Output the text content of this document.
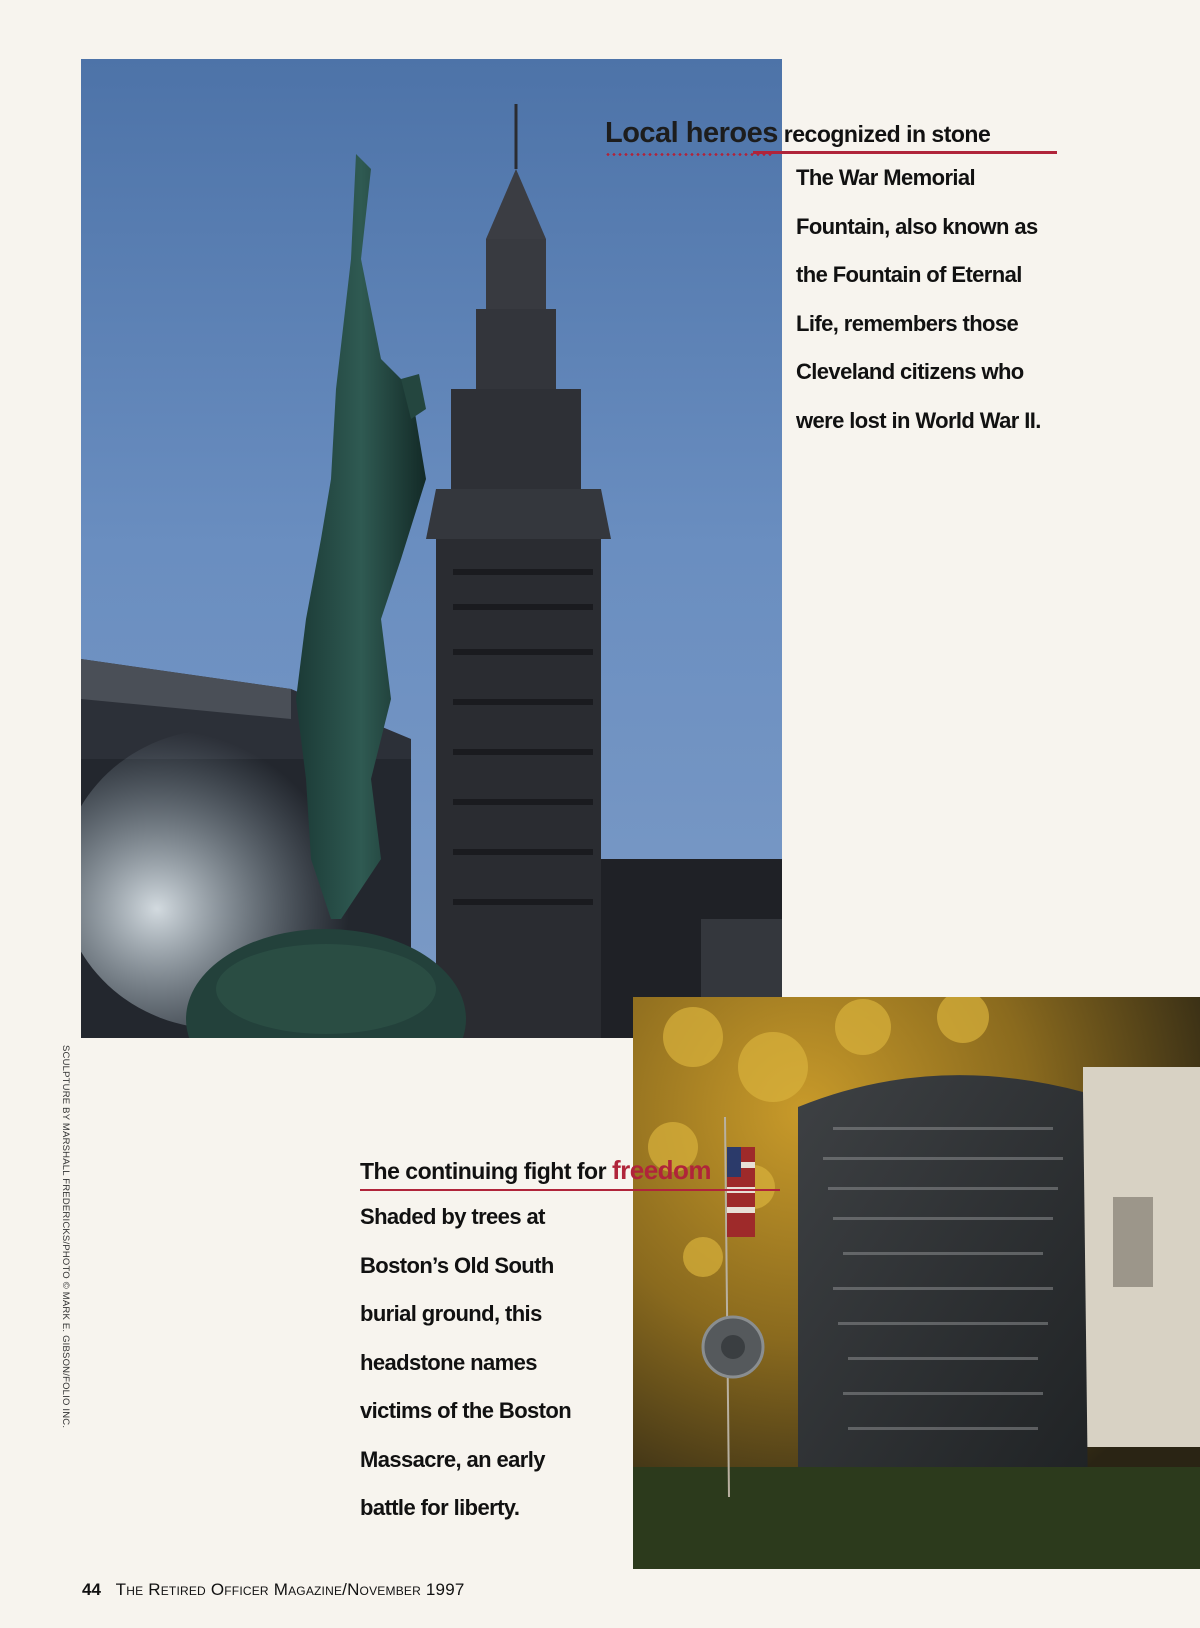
Local heroes recognized in stone
The War Memorial
Fountain, also known as
the Fountain of Eternal
Life, remembers those
Cleveland citizens who
were lost in World War II.
The continuing fight for freedom
Shaded by trees at
Boston’s Old South
burial ground, this
headstone names
victims of the Boston
Massacre, an early
battle for liberty.
SCULPTURE BY MARSHALL FREDERICKS/PHOTO © MARK E. GIBSON/FOLIO INC.
44 The Retired Officer Magazine/November 1997
